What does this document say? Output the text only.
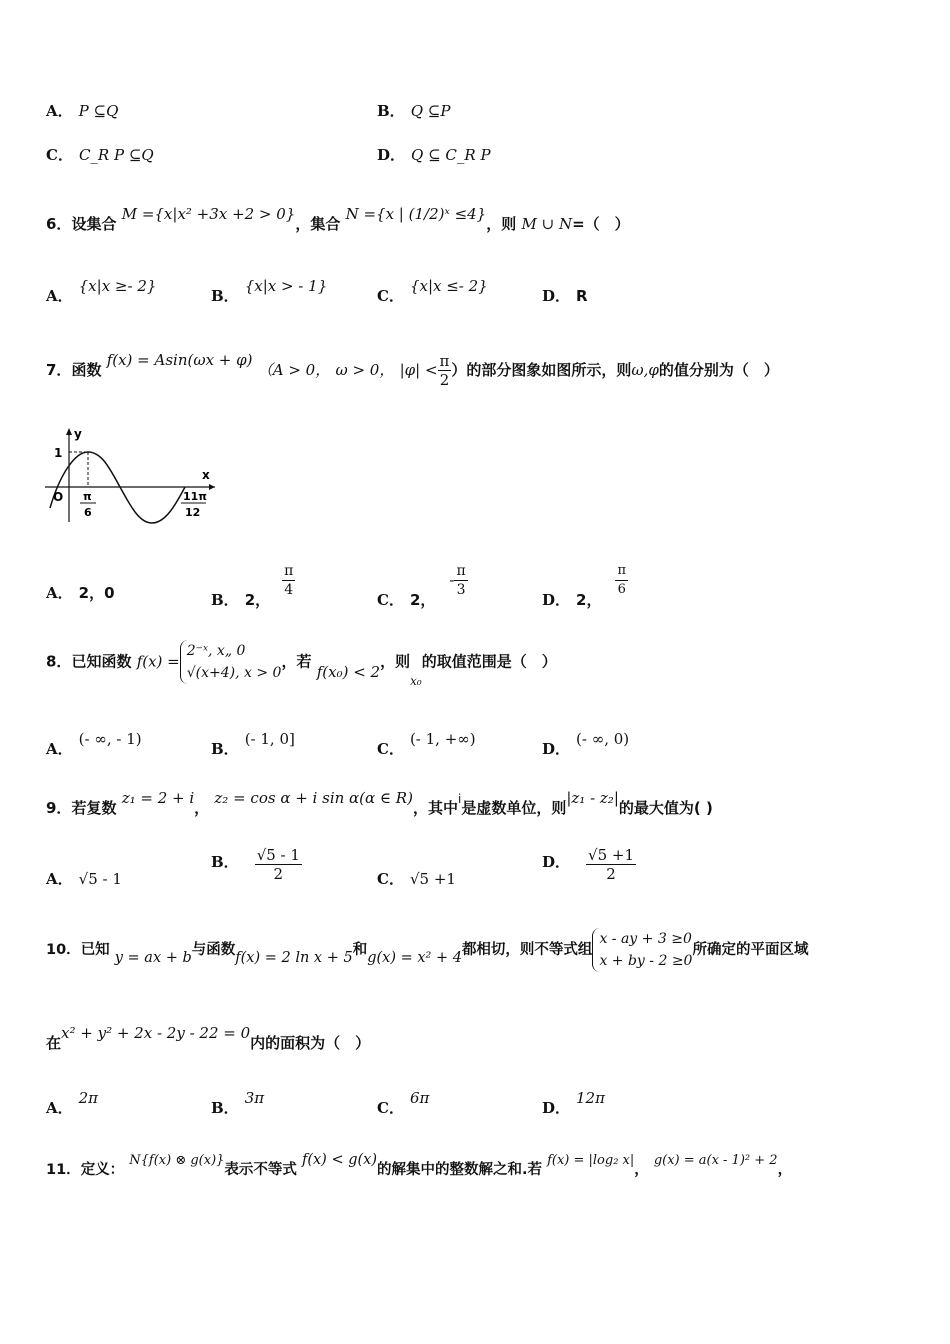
A． P ⊆Q	B． Q ⊆P
C． C_R P ⊆Q	D． Q ⊆ C_R P
6．设集合 M ={x|x² +3x +2 > 0}，集合 N ={x | (1/2)ˣ ≤4}，则 M ∪ N=（　）
A．{x|x ≥- 2}
B．{x|x > - 1}
C．{x|x ≤- 2}
D． R
7．函数 f(x) = Asin(ωx + φ) （A > 0， ω > 0， $|\varphi| < \frac{\pi}{2}$ ）的部分图象如图所示，则ω,φ的值分别为（　）
y
x
O
1
π
6
11π
12
A． 2，0	B． 2，
$\frac{\pi}{4}$
C． 2，- $\frac{\pi}{3}$
D． 2，
$\frac{\pi}{6}$
8．已知函数 f(x) =
2⁻ˣ, x„ 0
√(x+4), x > 0
，若 f(x₀) < 2，则$_{x_0}$的取值范围是（　）
A．(- ∞, - 1)
B．(- 1, 0]
C．(- 1, +∞)
D．(- ∞, 0)
9．若复数 z₁ = 2 + i， z₂ = cos α + i sin α(α ∈ R)，其中$^i$是虚数单位，则|z₁ - z₂|的最大值为( )
A． √5 - 1
B． $\frac{√5 - 1}{2}$	C． √5 +1
D． $\frac{√5 +1}{2}$
10．已知 y = ax + b与函数f(x) = 2 ln x + 5和g(x) = x² + 4都相切，则不等式组
x - ay + 3 ≥0
x + by - 2 ≥0
所确定的平面区域
在x² + y² + 2x - 2y - 22 = 0内的面积为（　）
A．2π
B．3π
C．6π
D．12π
11．定义： N{f(x) ⊗ g(x)}表示不等式 f(x) < g(x)的解集中的整数解之和.若 f(x) = |log₂ x|， g(x) = a(x - 1)² + 2，
